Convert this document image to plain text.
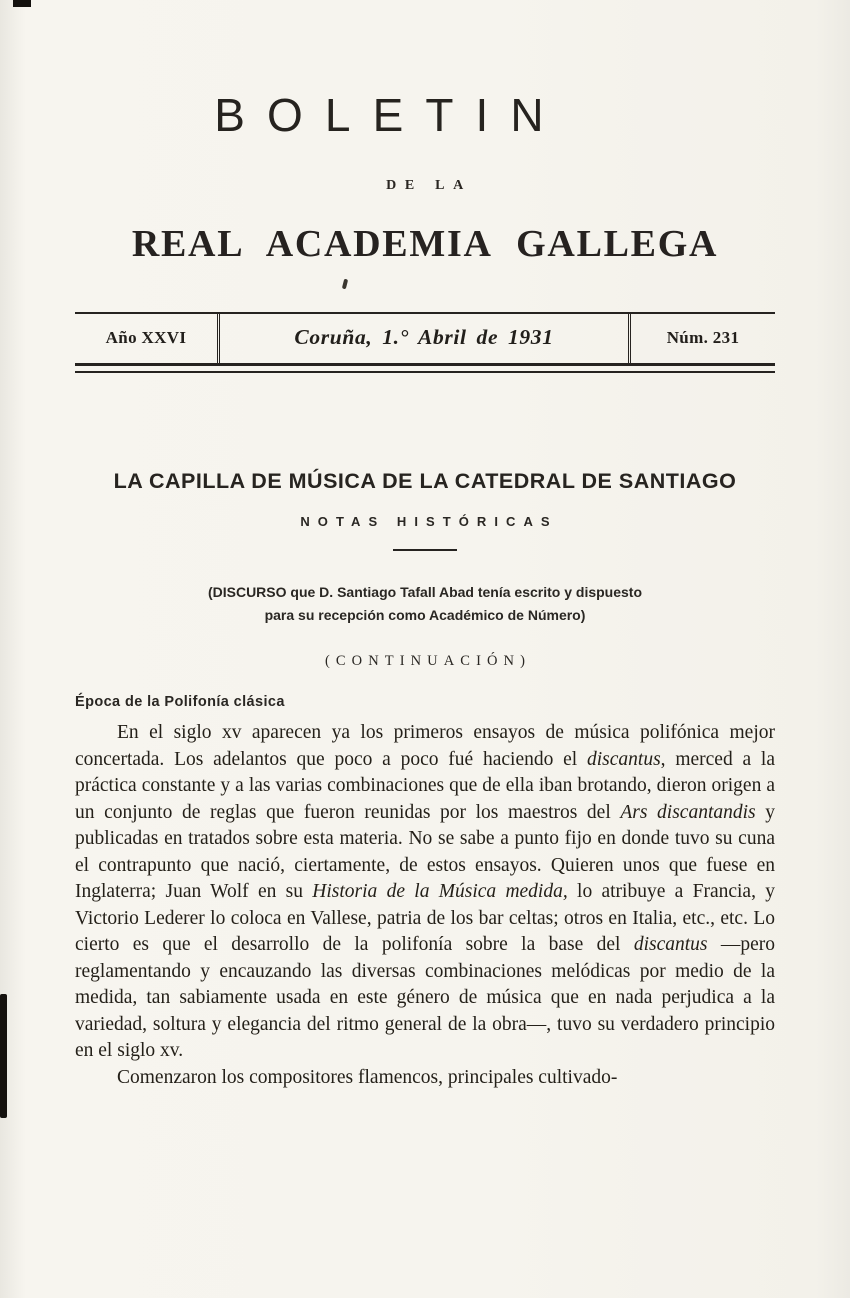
BOLETIN
DE LA
REAL ACADEMIA GALLEGA
Año XXVI	Coruña, 1.° Abril de 1931	Núm. 231
LA CAPILLA DE MÚSICA DE LA CATEDRAL DE SANTIAGO
NOTAS HISTÓRICAS

(DISCURSO que D. Santiago Tafall Abad tenía escrito y dispuesto
para su recepción como Académico de Número)

(CONTINUACIÓN)
Época de la Polifonía clásica

En el siglo xv aparecen ya los primeros ensayos de música polifónica mejor concertada. Los adelantos que poco a poco fué haciendo el discantus, merced a la práctica constante y a las varias combinaciones que de ella iban brotando, dieron origen a un conjunto de reglas que fueron reunidas por los maestros del Ars discantandis y publicadas en tratados sobre esta materia. No se sabe a punto fijo en donde tuvo su cuna el contrapunto que nació, ciertamente, de estos ensayos. Quieren unos que fuese en Inglaterra; Juan Wolf en su Historia de la Música medida, lo atribuye a Francia, y Victorio Lederer lo coloca en Vallese, patria de los bar celtas; otros en Italia, etc., etc. Lo cierto es que el desarrollo de la polifonía sobre la base del discantus —pero reglamentando y encauzando las diversas combinaciones melódicas por medio de la medida, tan sabiamente usada en este género de música que en nada perjudica a la variedad, soltura y elegancia del ritmo general de la obra—, tuvo su verdadero principio en el siglo xv.

Comenzaron los compositores flamencos, principales cultivado-
